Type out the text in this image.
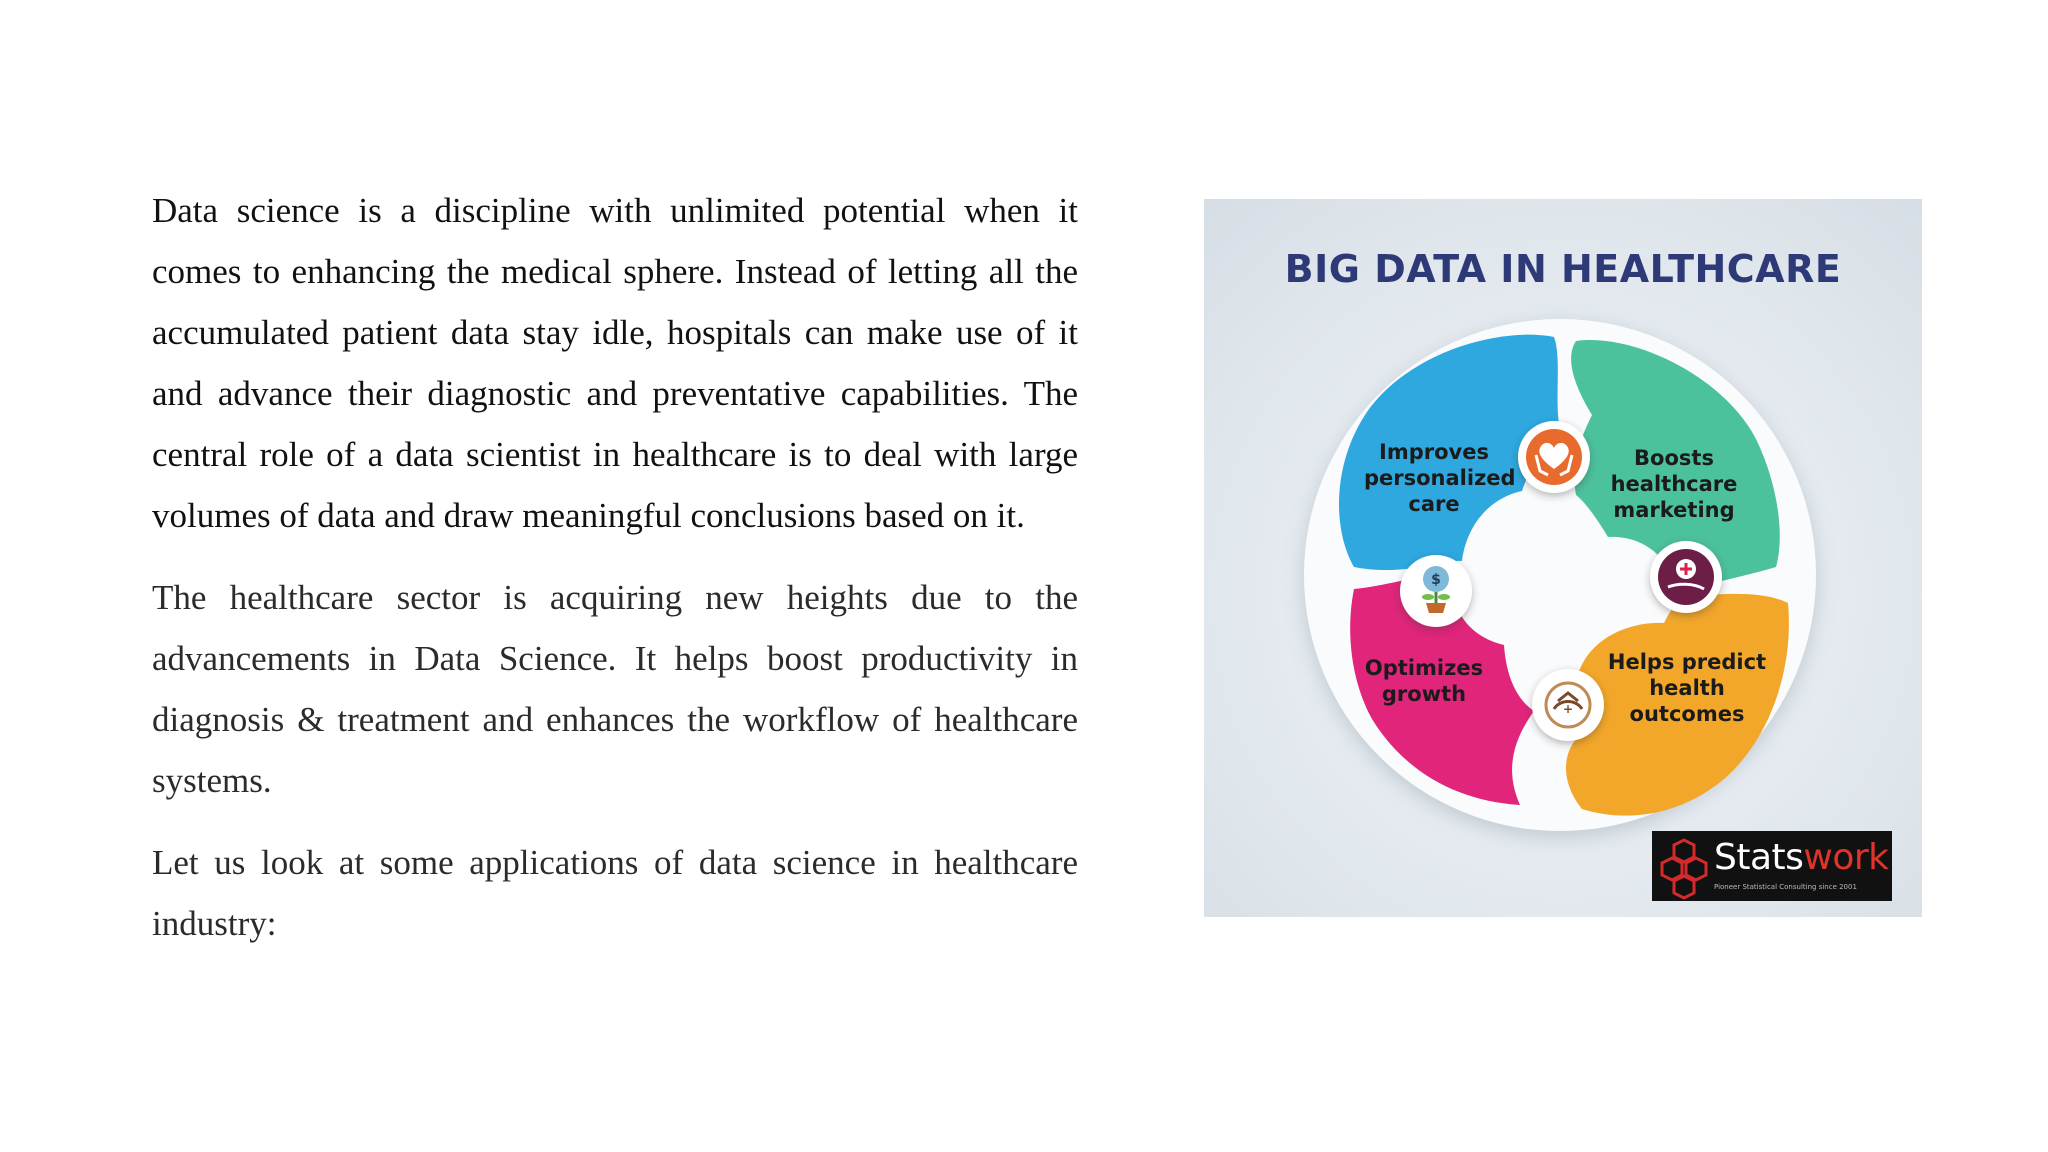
Data science is a discipline with unlimited potential when it comes to enhancing the medical sphere. Instead of letting all the accumulated patient data stay idle, hospitals can make use of it and advance their diagnostic and preventative capabilities. The central role of a data scientist in healthcare is to deal with large volumes of data and draw meaningful conclusions based on it.

The healthcare sector is acquiring new heights due to the advancements in Data Science. It helps boost productivity in diagnosis & treatment and enhances the workflow of healthcare systems.

Let us look at some applications of data science in healthcare industry:

$
+
BIG DATA IN HEALTHCARE
Improves
personalized
care
Boosts
healthcare
marketing
Optimizes
growth
Helps predict
health
outcomes
Statswork
Pioneer Statistical Consulting since 2001
